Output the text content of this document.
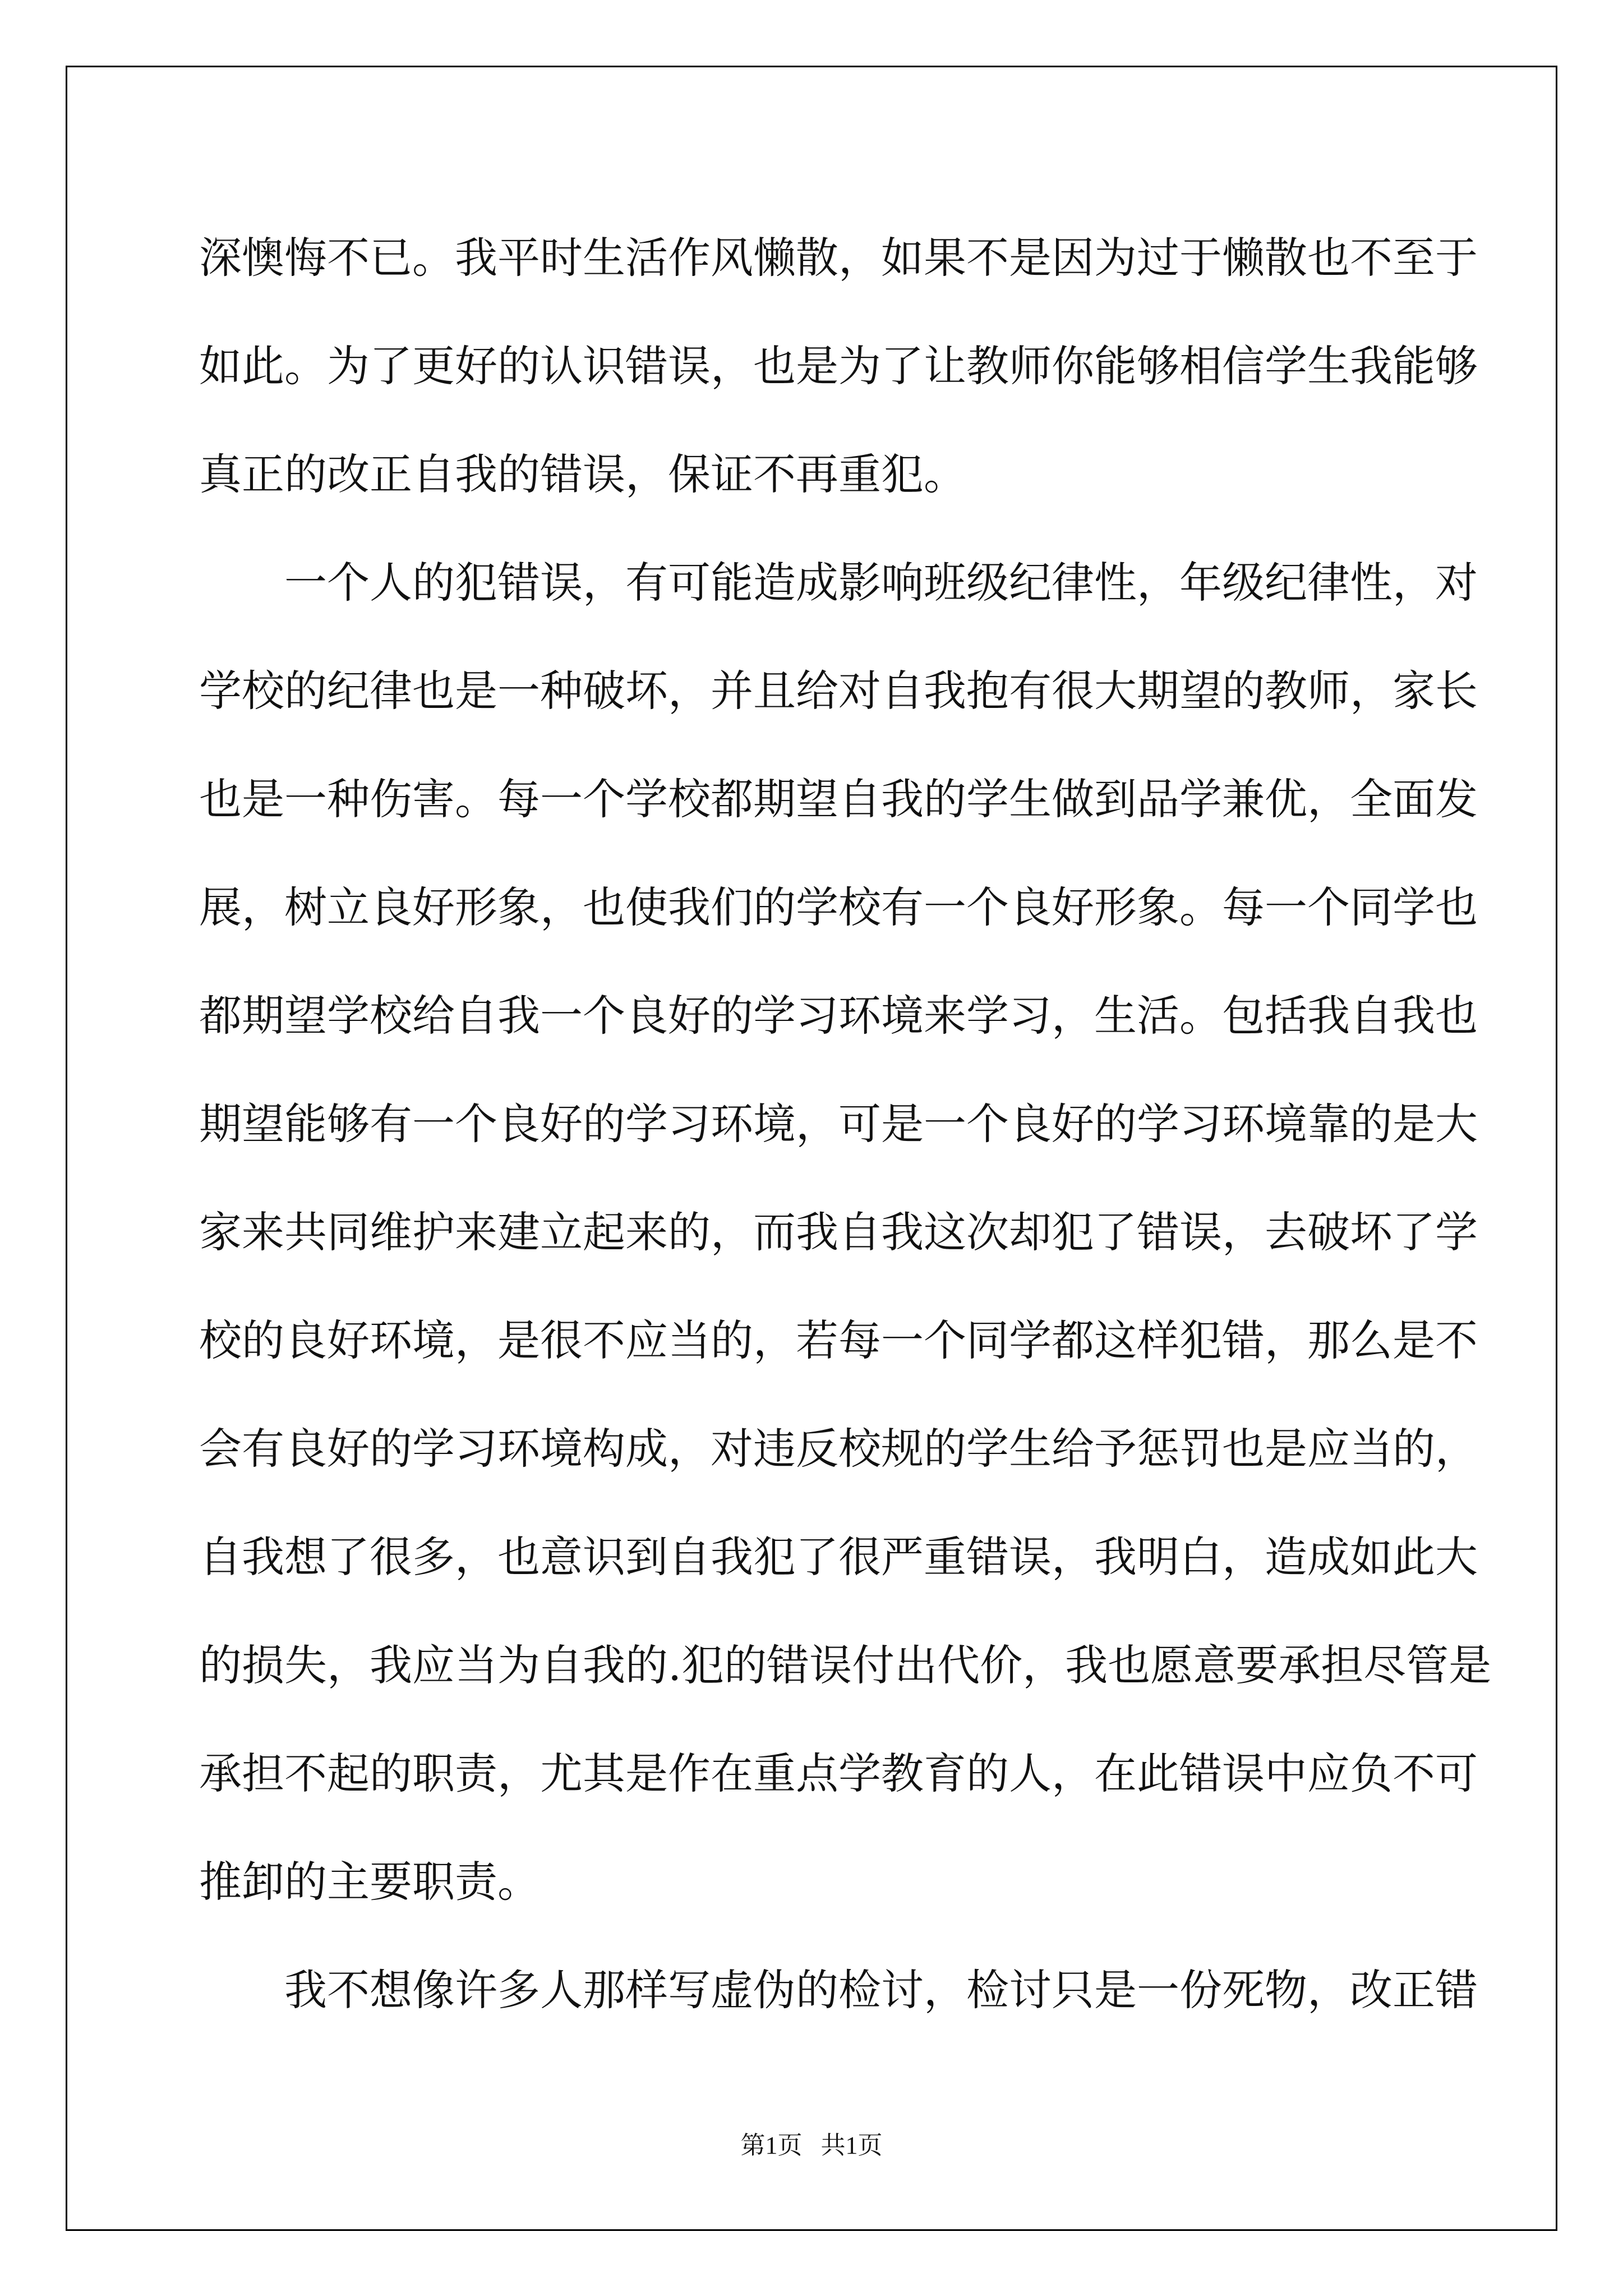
深懊悔不已。我平时生活作风懒散，如果不是因为过于懒散也不至于
如此。为了更好的认识错误，也是为了让教师你能够相信学生我能够
真正的改正自我的错误，保证不再重犯。

一个人的犯错误，有可能造成影响班级纪律性，年级纪律性，对
学校的纪律也是一种破坏，并且给对自我抱有很大期望的教师，家长
也是一种伤害。每一个学校都期望自我的学生做到品学兼优，全面发
展，树立良好形象，也使我们的学校有一个良好形象。每一个同学也
都期望学校给自我一个良好的学习环境来学习，生活。包括我自我也
期望能够有一个良好的学习环境，可是一个良好的学习环境靠的是大
家来共同维护来建立起来的，而我自我这次却犯了错误，去破坏了学
校的良好环境，是很不应当的，若每一个同学都这样犯错，那么是不
会有良好的学习环境构成，对违反校规的学生给予惩罚也是应当的，
自我想了很多，也意识到自我犯了很严重错误，我明白，造成如此大
的损失，我应当为自我的.犯的错误付出代价，我也愿意要承担尽管是
承担不起的职责，尤其是作在重点学教育的人，在此错误中应负不可
推卸的主要职责。

我不想像许多人那样写虚伪的检讨，检讨只是一份死物，改正错

第1页   共1页
